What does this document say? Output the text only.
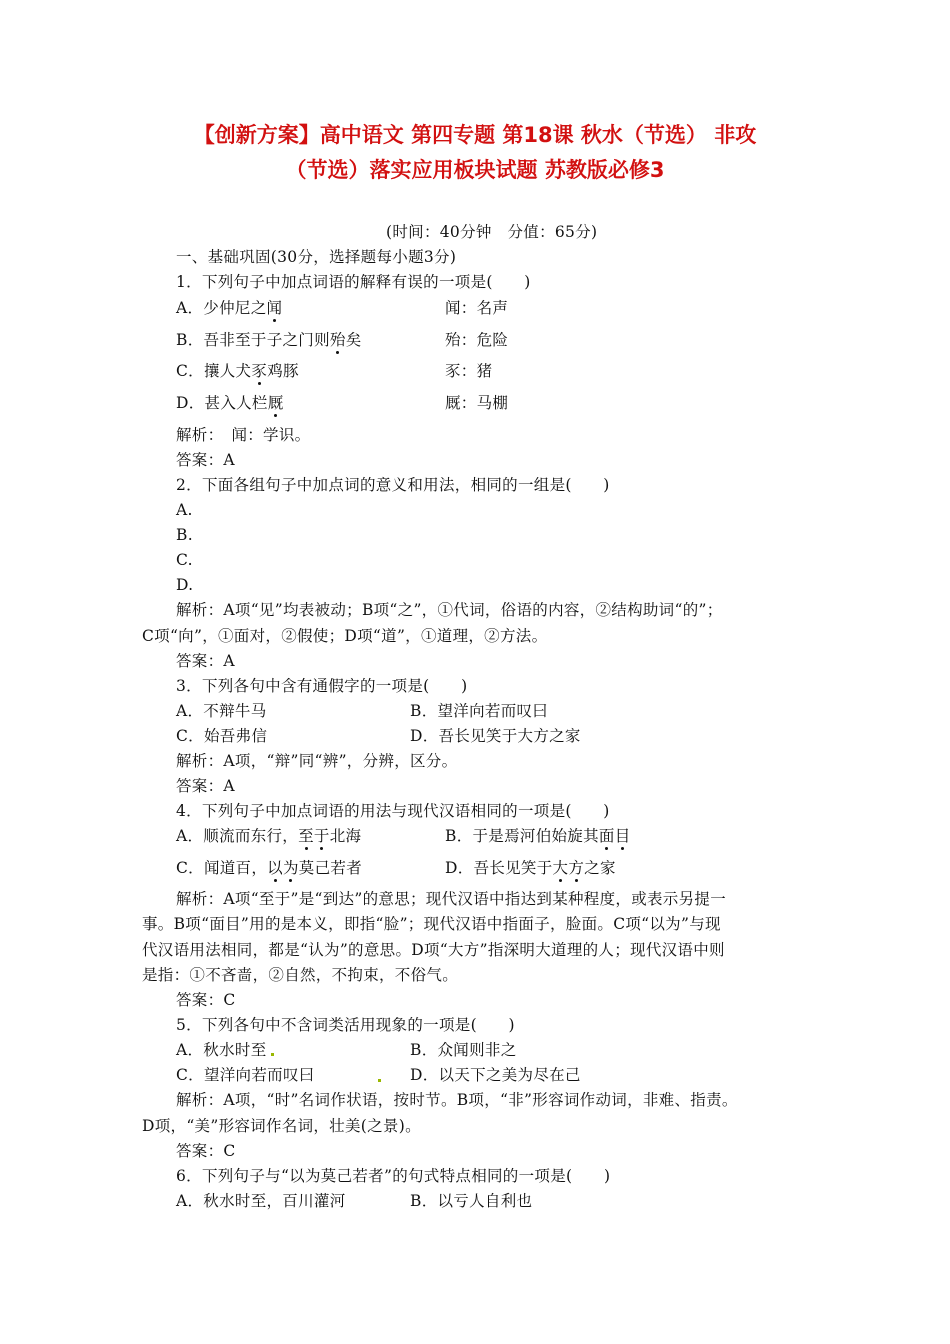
【创新方案】高中语文 第四专题 第18课 秋水（节选） 非攻
（节选）落实应用板块试题 苏教版必修3
(时间：40分钟　分值：65分)
一、基础巩固(30分，选择题每小题3分)
1．下列句子中加点词语的解释有误的一项是(　　)
A．少仲尼之闻	闻：名声
B．吾非至于子之门则殆矣	殆：危险
C．攘人犬豕鸡豚	豕：猪
D．甚入人栏厩	厩：马棚
解析：　闻：学识。
答案：A
2．下面各组句子中加点词的意义和用法，相同的一组是(　　)
A.
B.
C.
D.
解析：A项“见”均表被动；B项“之”，①代词，俗语的内容，②结构助词“的”；
C项“向”，①面对，②假使；D项“道”，①道理，②方法。
答案：A
3．下列各句中含有通假字的一项是(　　)
A．不辩牛马	B．望洋向若而叹曰
C．始吾弗信	D．吾长见笑于大方之家
解析：A项，“辩”同“辨”，分辨，区分。
答案：A
4．下列句子中加点词语的用法与现代汉语相同的一项是(　　)
A．顺流而东行，至于北海	B．于是焉河伯始旋其面目
C．闻道百，以为莫己若者	D．吾长见笑于大方之家
解析：A项“至于”是“到达”的意思；现代汉语中指达到某种程度，或表示另提一
事。B项“面目”用的是本义，即指“脸”；现代汉语中指面子，脸面。C项“以为”与现
代汉语用法相同，都是“认为”的意思。D项“大方”指深明大道理的人；现代汉语中则
是指：①不吝啬，②自然，不拘束，不俗气。
答案：C
5．下列各句中不含词类活用现象的一项是(　　)
A．秋水时至	B．众闻则非之
C．望洋向若而叹曰	D．以天下之美为尽在己
解析：A项，“时”名词作状语，按时节。B项，“非”形容词作动词，非难、指责。
D项，“美”形容词作名词，壮美(之景)。
答案：C
6．下列句子与“以为莫己若者”的句式特点相同的一项是(　　)
A．秋水时至，百川灌河	B．以亏人自利也
